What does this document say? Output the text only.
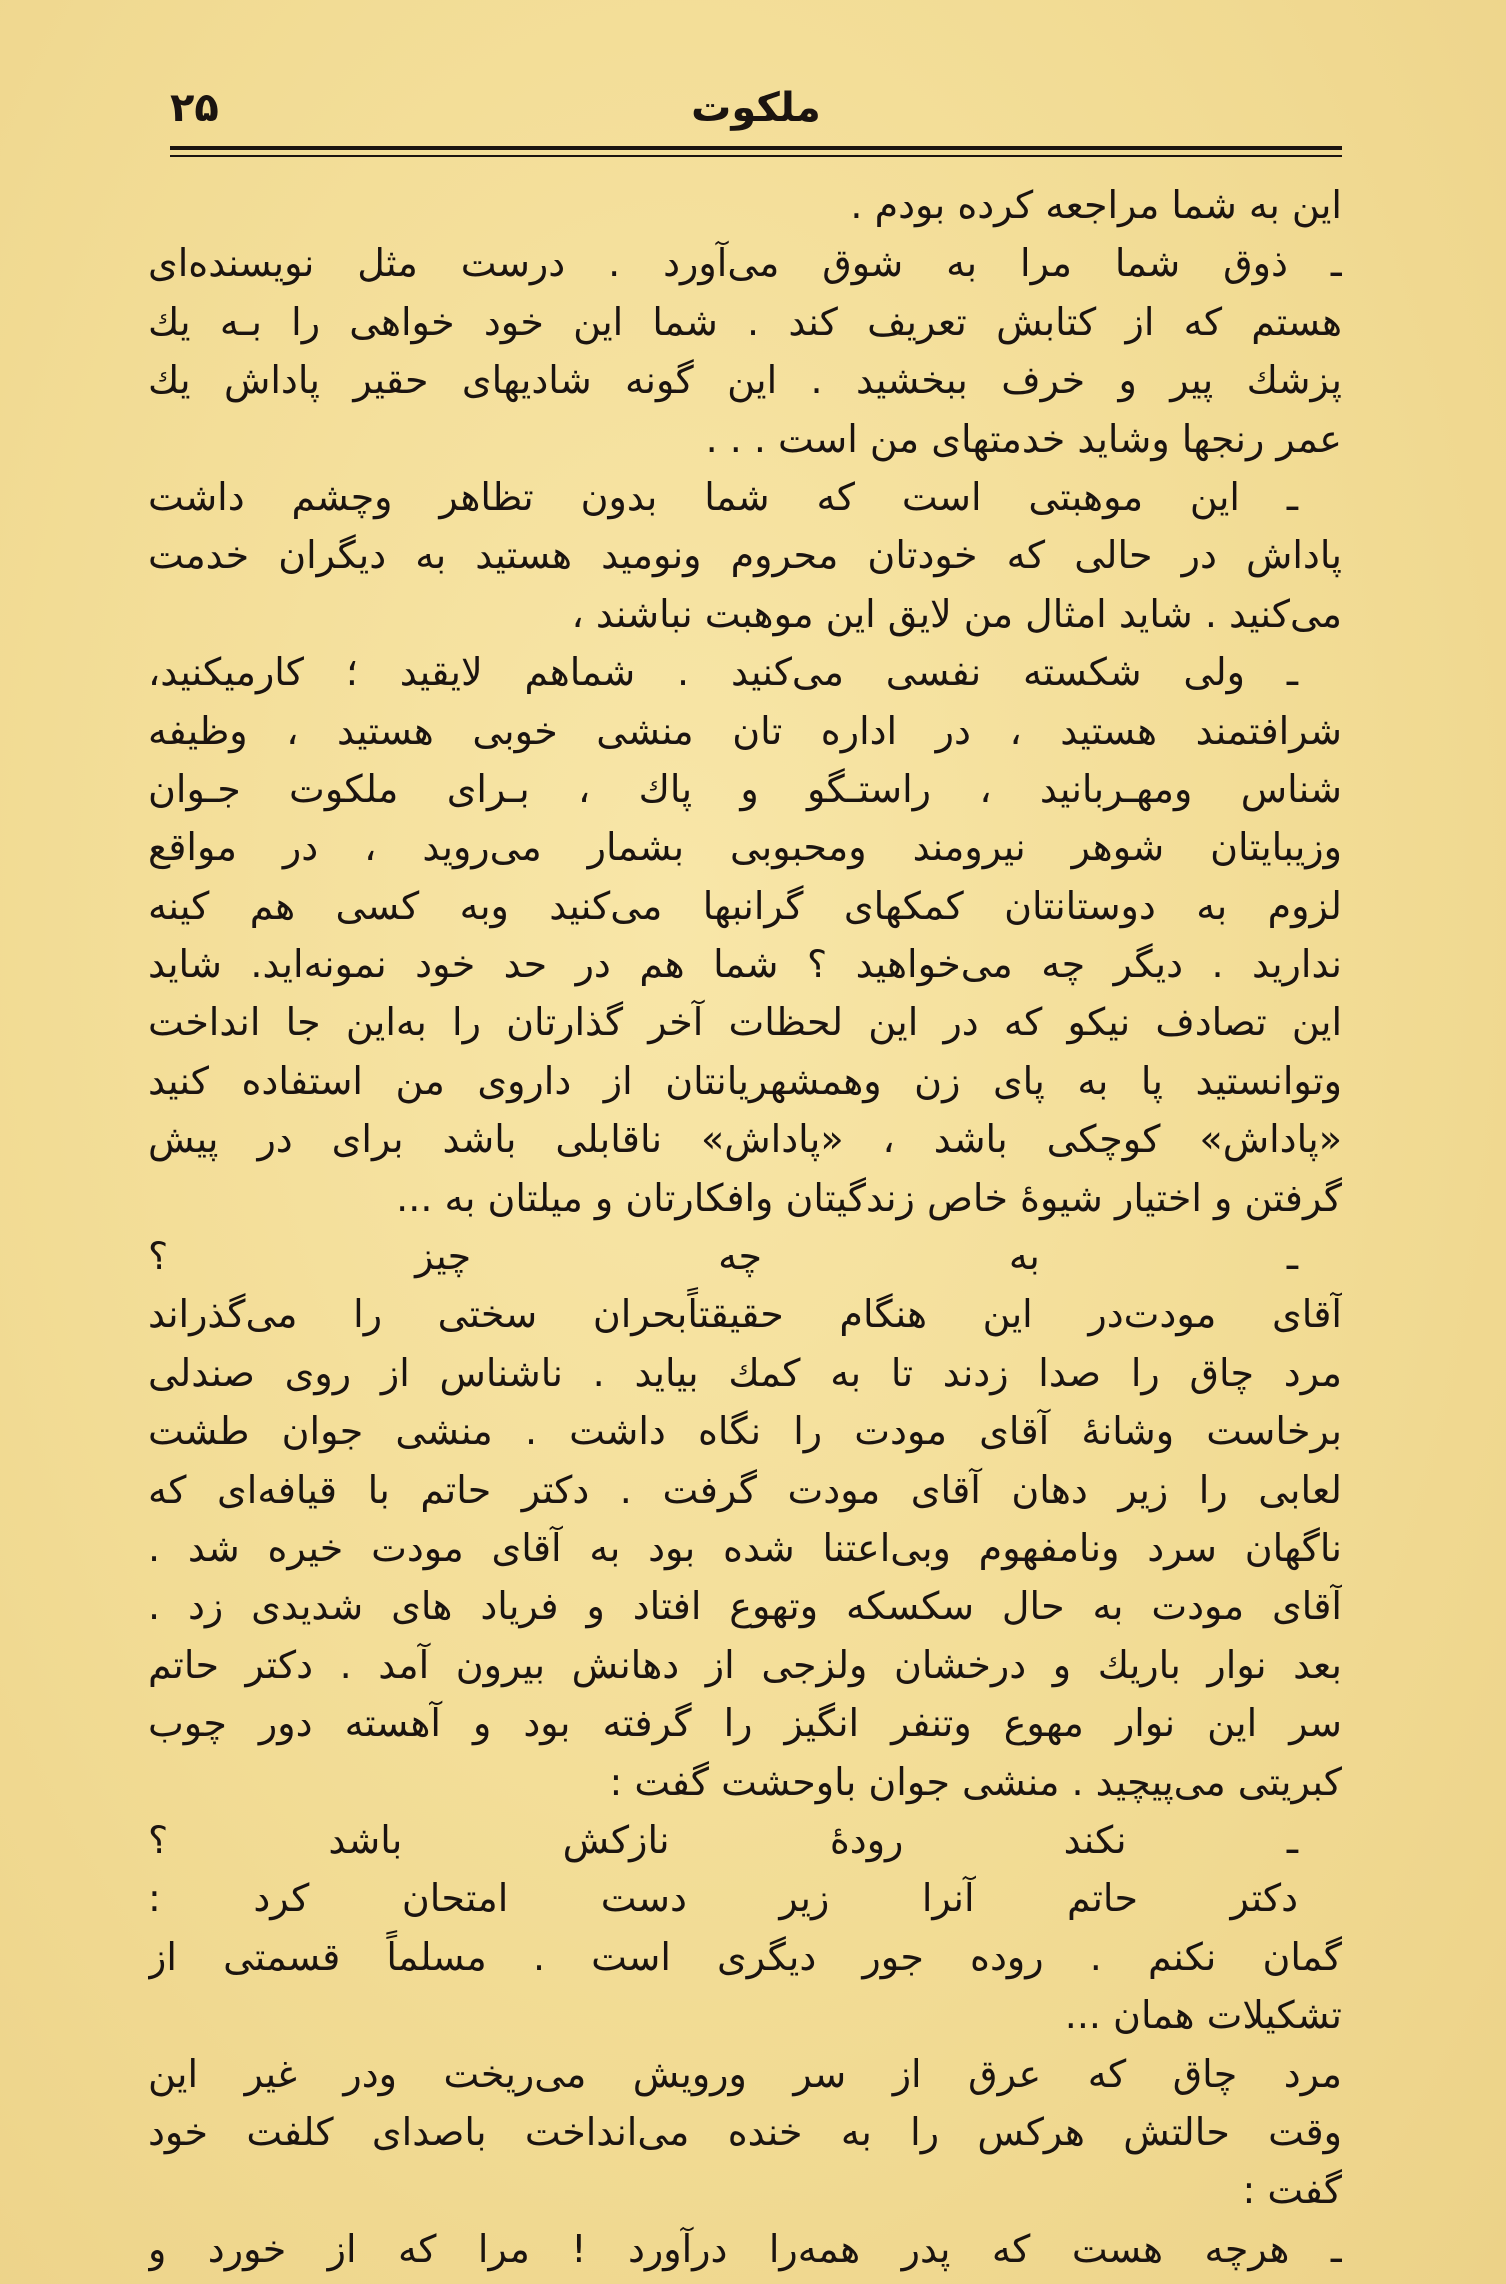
۲۵	ملکوت
این به شما مراجعه کرده بودم .
ـ ذوق شما مرا به شوق می‌آورد . درست مثل نویسنده‌ای
هستم که از کتابش تعریف کند . شما این خود خواهی را بـه یك
پزشك پیر و خرف ببخشید . این گونه شادیهای حقیر پاداش یك
عمر رنجها وشاید خدمتهای من است . . .
ـ این موهبتی است که شما بدون تظاهر وچشم داشت
پاداش در حالی که خودتان محروم ونومید هستید به دیگران خدمت
می‌کنید . شاید امثال من لایق این موهبت نباشند ،
ـ ولی شکسته نفسی می‌کنید . شماهم لایقید ؛ کارمیکنید،
شرافتمند هستید ، در اداره تان منشی خوبی هستید ، وظیفه
شناس ومهـربانید ، راستـگو و پاك ، بـرای ملکوت جـوان
وزیبایتان شوهر نیرومند ومحبوبی بشمار می‌روید ، در مواقع
لزوم به دوستانتان کمکهای گرانبها می‌کنید وبه کسی هم کینه
ندارید . دیگر چه می‌خواهید ؟ شما هم در حد خود نمونه‌اید. شاید
این تصادف نیکو که در این لحظات آخر گذارتان را به‌این جا انداخت
وتوانستید پا به پای زن وهمشهریانتان از داروی من استفاده کنید
«پاداش» کوچکی باشد ، «پاداش» ناقابلی باشد برای در پیش
گرفتن و اختیار شیوهٔ خاص زندگیتان وافکارتان و میلتان به ...
ـ به چه چیز ؟
آقای مودت‌در این هنگام حقیقتاًبحران سختی را می‌گذراند
مرد چاق را صدا زدند تا به کمك بیاید . ناشناس از روی صندلی
برخاست وشانهٔ آقای مودت را نگاه داشت . منشی جوان طشت
لعابی را زیر دهان آقای مودت گرفت . دکتر حاتم با قیافه‌ای که
ناگهان سرد ونامفهوم وبی‌اعتنا شده بود به آقای مودت خیره شد .
آقای مودت به حال سکسکه وتهوع افتاد و فریاد های شدیدی زد .
بعد نوار باریك و درخشان ولزجی از دهانش بیرون آمد . دکتر حاتم
سر این نوار مهوع وتنفر انگیز را گرفته بود و آهسته دور چوب
کبریتی می‌پیچید . منشی جوان باوحشت گفت :
ـ نکند رودهٔ نازکش باشد ؟
دکتر حاتم آنرا زیر دست امتحان کرد :
گمان نکنم . روده جور دیگری است . مسلماً قسمتی از
تشکیلات همان ...
مرد چاق که عرق از سر ورویش می‌ریخت ودر غیر این
وقت حالتش هرکس را به خنده می‌انداخت باصدای کلفت خود
گفت :
ـ هرچه هست که پدر همه‌را درآورد ! مرا که از خورد و
